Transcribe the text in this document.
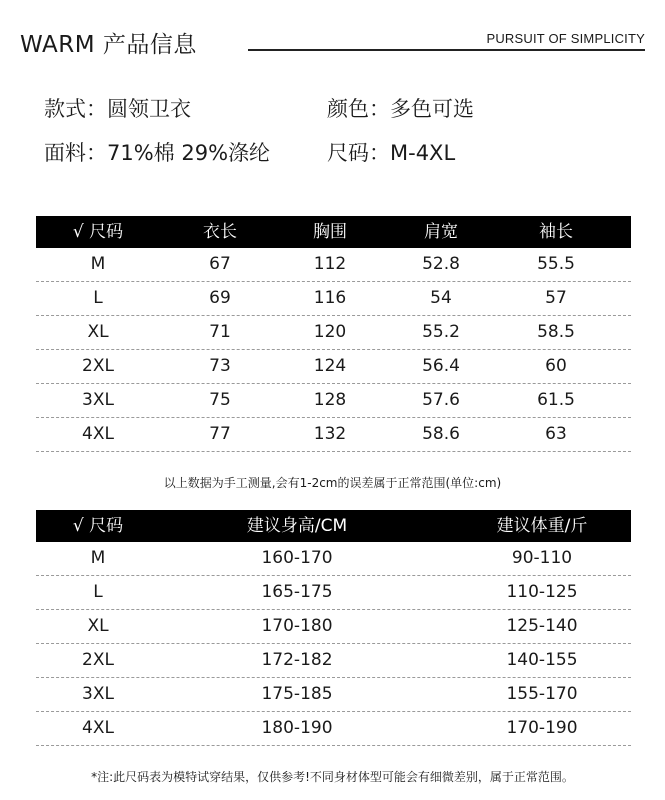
WARM 产品信息	PURSUIT OF SIMPLICITY
款式：圆领卫衣	颜色：多色可选
面料：71%棉 29%涤纶	尺码：M-4XL
√ 尺码	衣长	胸围	肩宽	袖长
M	67	112	52.8	55.5
L	69	116	54	57
XL	71	120	55.2	58.5
2XL	73	124	56.4	60
3XL	75	128	57.6	61.5
4XL	77	132	58.6	63
以上数据为手工测量,会有1-2cm的误差属于正常范围(单位:cm)
√ 尺码	建议身高/CM	建议体重/斤
M	160-170	90-110
L	165-175	110-125
XL	170-180	125-140
2XL	172-182	140-155
3XL	175-185	155-170
4XL	180-190	170-190
*注:此尺码表为模特试穿结果，仅供参考!不同身材体型可能会有细微差别，属于正常范围。
